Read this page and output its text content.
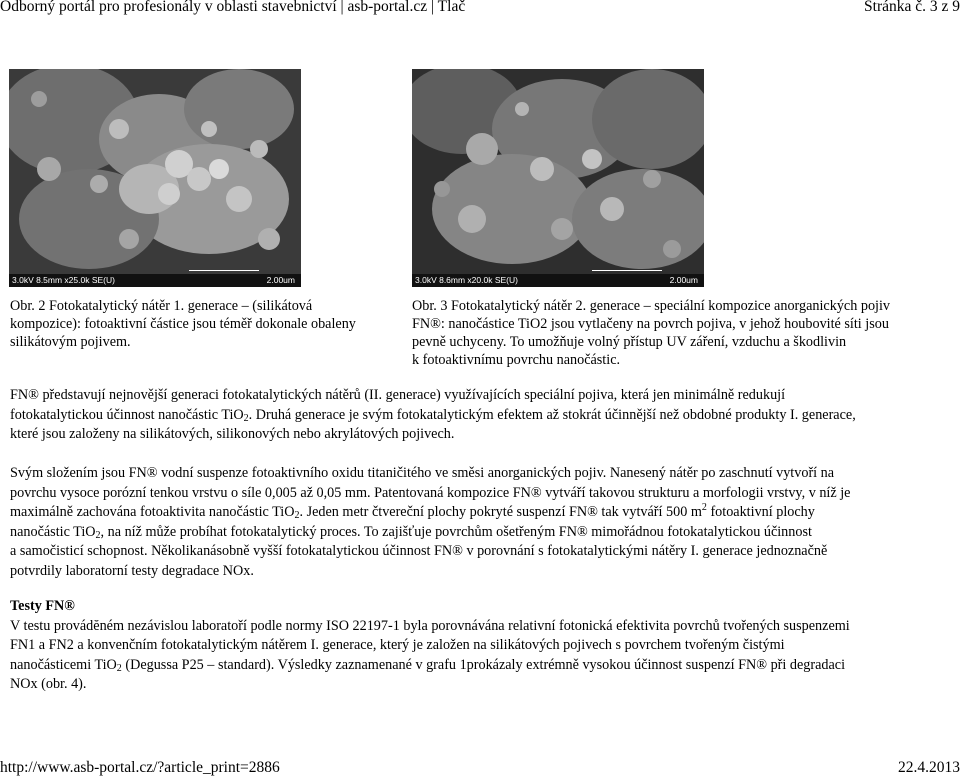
Odborný portál pro profesionály v oblasti stavebnictví | asb-portal.cz | Tlač	Stránka č. 3 z 9
3.0kV 8.5mm x25.0k SE(U)	2.00um	3.0kV 8.6mm x20.0k SE(U)	2.00um
Obr. 2 Fotokatalytický nátěr 1. generace – (silikátová
kompozice): fotoaktivní částice jsou téměř dokonale obaleny
silikátovým pojivem.
Obr. 3 Fotokatalytický nátěr 2. generace – speciální kompozice anorganických pojiv
FN®: nanočástice TiO2 jsou vytlačeny na povrch pojiva, v jehož houbovité síti jsou
pevně uchyceny. To umožňuje volný přístup UV záření, vzduchu a škodlivin
k fotoaktivnímu povrchu nanočástic.
FN® představují nejnovější generaci fotokatalytických nátěrů (II. generace) využívajících speciální pojiva, která jen minimálně redukují
fotokatalytickou účinnost nanočástic TiO$_2$. Druhá generace je svým fotokatalytickým efektem až stokrát účinnější než obdobné produkty I. generace,
které jsou založeny na silikátových, silikonových nebo akrylátových pojivech.
Svým složením jsou FN® vodní suspenze fotoaktivního oxidu titaničitého ve směsi anorganických pojiv. Nanesený nátěr po zaschnutí vytvoří na
povrchu vysoce porózní tenkou vrstvu o síle 0,005 až 0,05 mm. Patentovaná kompozice FN® vytváří takovou strukturu a morfologii vrstvy, v níž je
maximálně zachována fotoaktivita nanočástic TiO$_2$. Jeden metr čtvereční plochy pokryté suspenzí FN® tak vytváří 500 $m^2$ fotoaktivní plochy
nanočástic TiO$_2$, na níž může probíhat fotokatalytický proces. To zajišťuje povrchům ošetřeným FN® mimořádnou fotokatalytickou účinnost
a samočisticí schopnost. Několikanásobně vyšší fotokatalytickou účinnost FN® v porovnání s fotokatalytickými nátěry I. generace jednoznačně
potvrdily laboratorní testy degradace NOx.
Testy FN®
V testu provádĕném nezávislou laboratoří podle normy ISO 22197-1 byla porovnávána relativní fotonická efektivita povrchů tvořených suspenzemi
FN1 a FN2 a konvenčním fotokatalytickým nátěrem I. generace, který je založen na silikátových pojivech s povrchem tvořeným čistými
nanočásticemi TiO$_2$ (Degussa P25 – standard). Výsledky zaznamenané v grafu 1prokázaly extrémně vysokou účinnost suspenzí FN® při degradaci
NOx (obr. 4).
http://www.asb-portal.cz/?article_print=2886	22.4.2013
